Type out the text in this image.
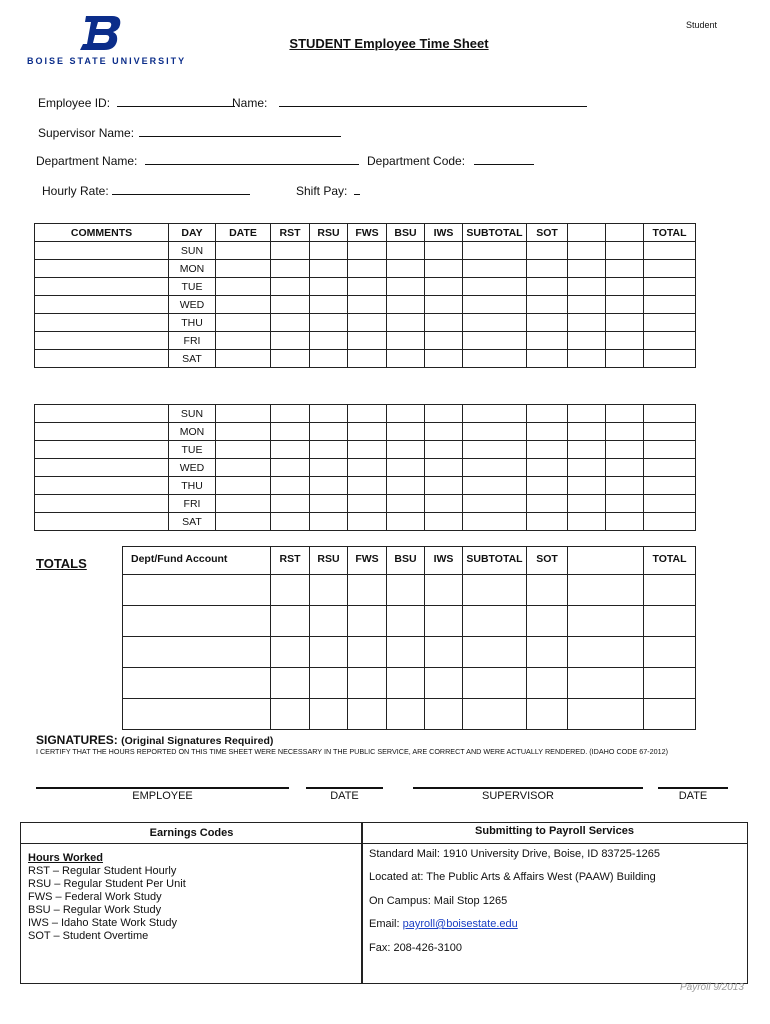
BOISE STATE UNIVERSITY
Student
STUDENT Employee Time Sheet
Employee ID:	Name:
Supervisor Name:
Department Name:	Department Code:
Hourly Rate:	Shift Pay:
COMMENTS	DAY	DATE	RST	RSU	FWS	BSU	IWS	SUBTOTAL	SOT			TOTAL
	SUN											
	MON											
	TUE											
	WED											
	THU											
	FRI											
	SAT											
	SUN											
	MON											
	TUE											
	WED											
	THU											
	FRI											
	SAT											
TOTALS	Dept/Fund Account	RST	RSU	FWS	BSU	IWS	SUBTOTAL	SOT		TOTAL

SIGNATURES: (Original Signatures Required)
I CERTIFY THAT THE HOURS REPORTED ON THIS TIME SHEET WERE NECESSARY IN THE PUBLIC SERVICE, ARE CORRECT AND WERE ACTUALLY RENDERED. (IDAHO CODE 67-2012)
EMPLOYEE	DATE	SUPERVISOR	DATE
Earnings Codes
Hours Worked
RST – Regular Student Hourly
RSU – Regular Student Per Unit
FWS – Federal Work Study
BSU – Regular Work Study
IWS – Idaho State Work Study
SOT – Student Overtime
Submitting to Payroll Services
Standard Mail: 1910 University Drive, Boise, ID 83725-1265
Located at: The Public Arts & Affairs West (PAAW) Building
On Campus: Mail Stop 1265
Email: payroll@boisestate.edu
Fax: 208-426-3100
Payroll 9/2013
